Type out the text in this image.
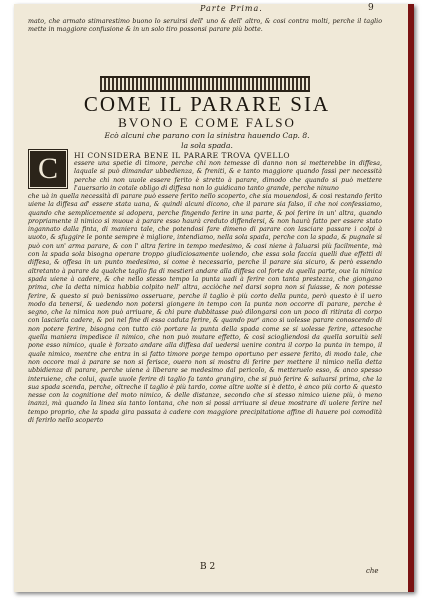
Parte Prima.	9
mato, che armato stimarestimo buono lo seruirsi dell' uno & dell' altro, & cosi contra molti, perche il taglio mette in maggiore confusione & in un solo tiro possonsi parare più botte.
COME IL PARARE SIA
BVONO E COME FALSO
Ecò alcuni che parano con la sinistra hauendo Cap. 8.
la sola spada.
C	HI CONSIDERA BENE IL PARARE TROVA QVELLO
essere una spetie di timore, perche chi non temesse di danno non si metterebbe in diffesa, laquale si può dimandar ubbedienza, & freniti, & e tanto maggiore quando fassi per necessità perche chi non uuole essere ferito è stretto à parare, dimodo che quando si può mettere l'auersario in cotale obligo di diffesa non lo guidicano tanto grande, perche ninuno
che uà in quella necessità di parare può essere ferito nello scoperto, che sia mouendosi, & cosi restando ferito uiene la diffesa ad' essere stata uana, & quindi alcuni dicono, che il parare sia falso, il che noi confessiamo, quando che semplicemente si adopera, perche fingendo ferire in una parte, & poi ferire in un' altra, quando propriamente il nimico si muoue à parare esso haurà creduto diffendersi, & non haurà fatto per essere stato ingannato dalla finta, di maniera tale, che potendosi fare dimeno di parare con lasciare passare i colpi à uuoto, & sfuggire le ponte sempre è migliore, intendiamo, nella sola spada, perche con la spada, & pugnale si può con un' arma parare, & con l' altra ferire in tempo medesimo, & cosi niene à faluarsi più facilmente, mà con la spada sola bisogna operare troppo giudiciosamente uolendo, che essa sola faccia quelli due effetti di diffesa, & offesa in un punto medesimo, si come è necessario, perche il parare sia sicuro, & però essendo altretanto à parare da qualche taglio fia di mestieri andare alla diffesa col forte da quella parte, oue la nimica spada uiene à cadere, & che nello stesso tempo la punta uadi à ferire con tanta prestezza, che giongano prima, che la detta nimica habbia colpito nell' altra, acciòche nel darsi sopra non si fuiasse, & non potesse ferire, & questo si può benissimo osseruare, perche il taglio è più corto della punta, però questo è il uero modo da tenersi, & uedendo non potersi giongere in tempo con la punta non occorre di parare, perche è segno, che la nimica non può arriuare, & chi pure dubbitasse può dilongarsi con un poco di ritirata di corpo con lasciarla cadere, & poi nel fine di essa caduta ferire, & quando pur' anco si uolesse parare conoscendo di non potere ferire, bisogna con tutto ciò portare la punta della spada come se si uolesse ferire, attesoche quella maniera impedisce il nimico, che non può mutare effetto, & così sciogliendosi da quella soruitù seli pone esso nimico, quale è forzato andare alla diffesa dal uedersi uenire contra il corpo la punta in tempo, il quale nimico, mentre che entra in si fatto timore porge tempo oportuno per essere ferito, di modo tale, che non occore mai à parare se non si ferisce, ouero non si mostra di ferire per mettere il nimico nella detta ubbidienza di parare, perche uiene à liberare se medesimo dal pericolo, & metteruelo esso, & anco spesso interuiene, che colui, quale uuole ferire di taglio fa tanto grangiro, che si può ferire & saluarsi prima, che la sua spada scenda, perche, oltreche il taglio è più tardo, come altre uolte si è detto, è anco più corto & questo nesse con la cognitione del moto nimico, & delle distanze, secondo che si stesso nimico uiene più, ò meno inanzi, mà quando la linea sia tanto lontana, che non si possi arriuare si deue mostrare di uolere ferire nel tempo proprio, che la spada gira passata à cadere con maggiore precipitatione affine di hauere poi comodità di ferirlo nello scoperto
B 2	che
